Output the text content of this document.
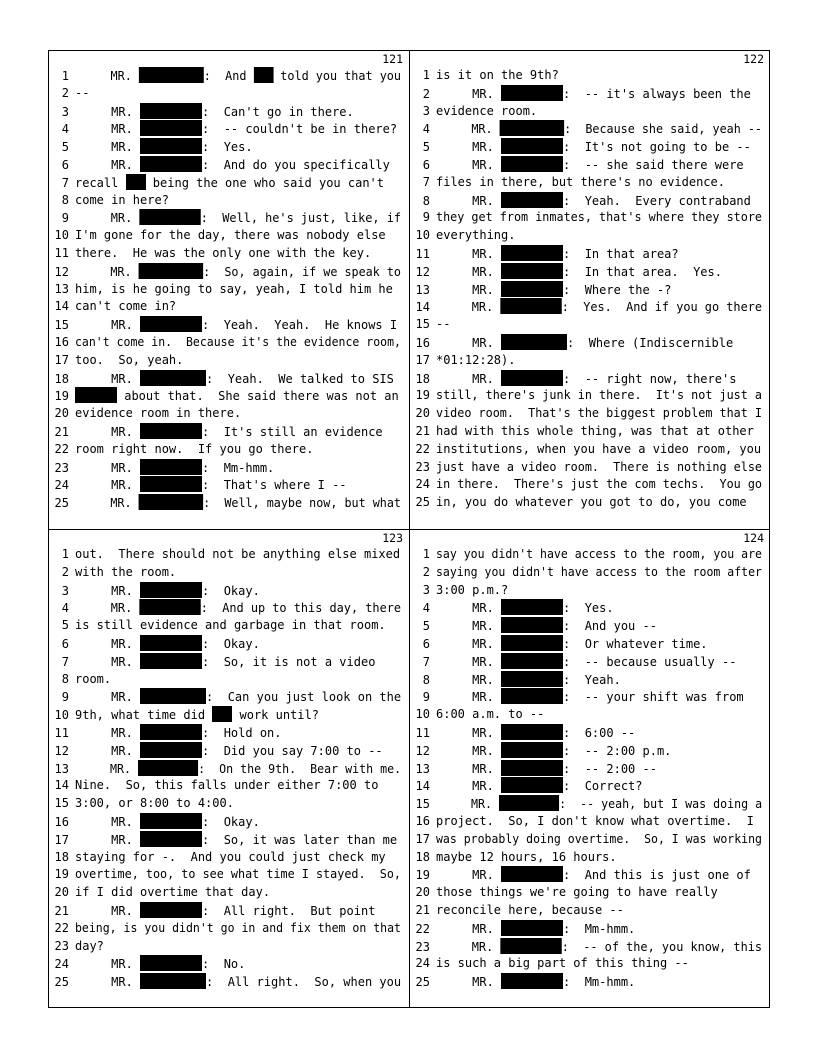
121
1     MR.	:  And  told you that you
2 --
3     MR.	:  Can't go in there.
4     MR.	:  -- couldn't be in there?
5     MR.	:  Yes.
6     MR.	:  And do you specifically
7 recall  being the one who said you can't
8 come in here?
9     MR.	:  Well, he's just, like, if
10 I'm gone for the day, there was nobody else
11 there.  He was the only one with the key.
12     MR.	:  So, again, if we speak to
13 him, is he going to say, yeah, I told him he
14 can't come in?
15     MR.	:  Yeah.  Yeah.  He knows I
16 can't come in.  Because it's the evidence room,
17 too.  So, yeah.
18     MR.	:  Yeah.  We talked to SIS
19	about that.  She said there was not an
20 evidence room in there.
21     MR.	:  It's still an evidence
22 room right now.  If you go there.
23     MR.	:  Mm-hmm.
24     MR.	:  That's where I --
25     MR.	:  Well, maybe now, but what
122
1 is it on the 9th?
2     MR.	:  -- it's always been the
3 evidence room.
4     MR.	:  Because she said, yeah --
5     MR.	:  It's not going to be --
6     MR.	:  -- she said there were
7 files in there, but there's no evidence.
8     MR.	:  Yeah.  Every contraband
9 they get from inmates, that's where they store
10 everything.
11     MR.	:  In that area?
12     MR.	:  In that area.  Yes.
13     MR.	:  Where the -?
14     MR.	:  Yes.  And if you go there
15 --
16     MR.	:  Where (Indiscernible
17 *01:12:28).
18     MR.	:  -- right now, there's
19 still, there's junk in there.  It's not just a
20 video room.  That's the biggest problem that I
21 had with this whole thing, was that at other
22 institutions, when you have a video room, you
23 just have a video room.  There is nothing else
24 in there.  There's just the com techs.  You go
25 in, you do whatever you got to do, you come
123
1 out.  There should not be anything else mixed
2 with the room.
3     MR.	:  Okay.
4     MR.	:  And up to this day, there
5 is still evidence and garbage in that room.
6     MR.	:  Okay.
7     MR.	:  So, it is not a video
8 room.
9     MR.	:  Can you just look on the
10 9th, what time did  work until?
11     MR.	:  Hold on.
12     MR.	:  Did you say 7:00 to --
13     MR.	:  On the 9th.  Bear with me.
14 Nine.  So, this falls under either 7:00 to
15 3:00, or 8:00 to 4:00.
16     MR.	:  Okay.
17     MR.	:  So, it was later than me
18 staying for -.  And you could just check my
19 overtime, too, to see what time I stayed.  So,
20 if I did overtime that day.
21     MR.	:  All right.  But point
22 being, is you didn't go in and fix them on that
23 day?
24     MR.	:  No.
25     MR.	:  All right.  So, when you
124
1 say you didn't have access to the room, you are
2 saying you didn't have access to the room after
3 3:00 p.m.?
4     MR.	:  Yes.
5     MR.	:  And you --
6     MR.	:  Or whatever time.
7     MR.	:  -- because usually --
8     MR.	:  Yeah.
9     MR.	:  -- your shift was from
10 6:00 a.m. to --
11     MR.	:  6:00 --
12     MR.	:  -- 2:00 p.m.
13     MR.	:  -- 2:00 --
14     MR.	:  Correct?
15     MR.	:  -- yeah, but I was doing a
16 project.  So, I don't know what overtime.  I
17 was probably doing overtime.  So, I was working
18 maybe 12 hours, 16 hours.
19     MR.	:  And this is just one of
20 those things we're going to have really
21 reconcile here, because --
22     MR.	:  Mm-hmm.
23     MR.	:  -- of the, you know, this
24 is such a big part of this thing --
25     MR.	:  Mm-hmm.
